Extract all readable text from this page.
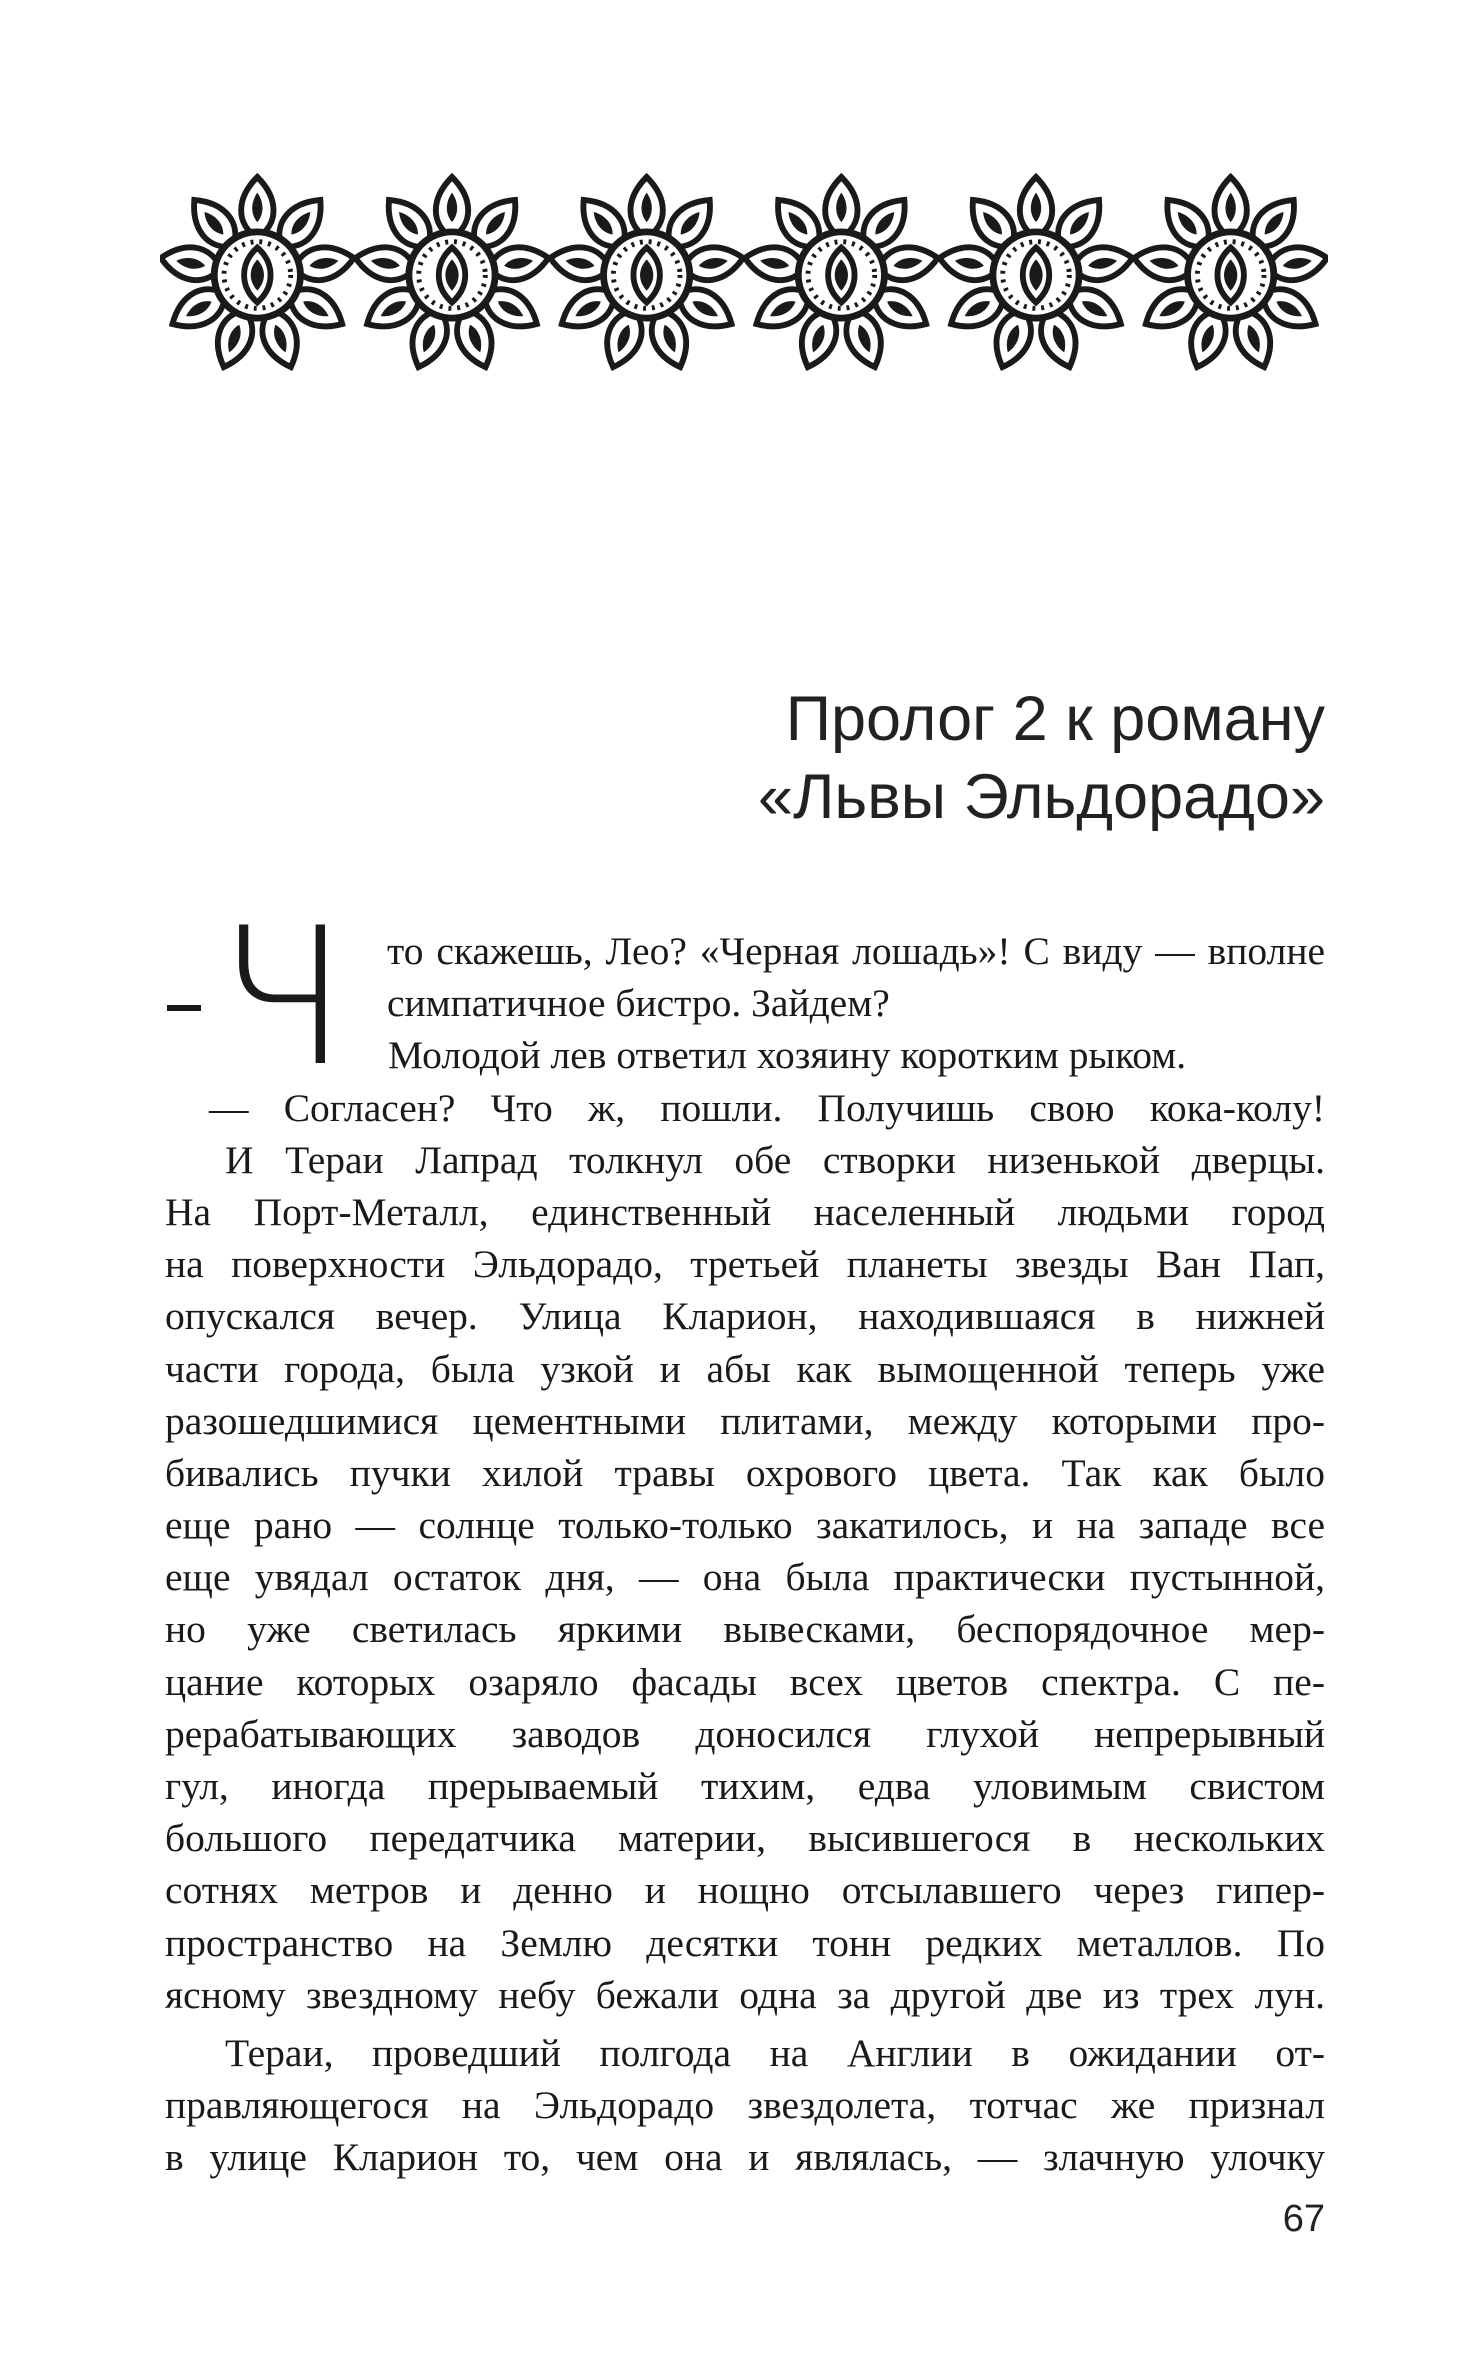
Пролог 2 к роману
«Львы Эльдорадо»
Ч	то скажешь, Лео? «Черная лошадь»! С виду — вполне
симпатичное бистро. Зайдем?
Молодой лев ответил хозяину коротким рыком.
— Согласен? Что ж, пошли. Получишь свою кока-колу!
И Тераи Лапрад толкнул обе створки низенькой дверцы.
На Порт-Металл, единственный населенный людьми город
на поверхности Эльдорадо, третьей планеты звезды Ван Пап,
опускался вечер. Улица Кларион, находившаяся в нижней
части города, была узкой и абы как вымощенной теперь уже
разошедшимися цементными плитами, между которыми про-
бивались пучки хилой травы охрового цвета. Так как было
еще рано — солнце только-только закатилось, и на западе все
еще увядал остаток дня, — она была практически пустынной,
но уже светилась яркими вывесками, беспорядочное мер-
цание которых озаряло фасады всех цветов спектра. С пе-
рерабатывающих заводов доносился глухой непрерывный
гул, иногда прерываемый тихим, едва уловимым свистом
большого передатчика материи, высившегося в нескольких
сотнях метров и денно и нощно отсылавшего через гипер-
пространство на Землю десятки тонн редких металлов. По
ясному звездному небу бежали одна за другой две из трех лун.
Тераи, проведший полгода на Англии в ожидании от-
правляющегося на Эльдорадо звездолета, тотчас же признал
в улице Кларион то, чем она и являлась, — злачную улочку
67
